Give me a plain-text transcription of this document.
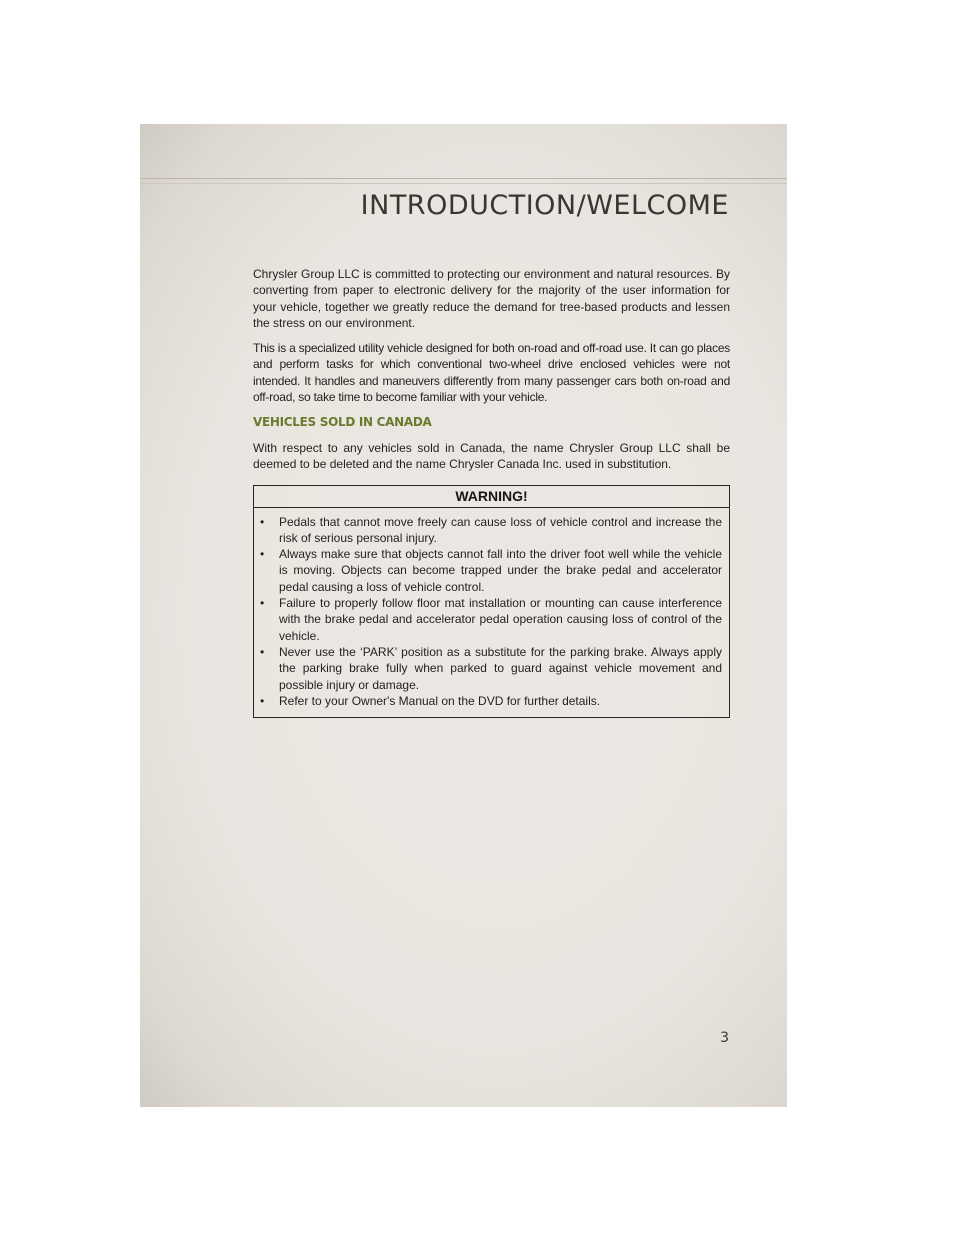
INTRODUCTION/WELCOME

Chrysler Group LLC is committed to protecting our environment and natural resources. By converting from paper to electronic delivery for the majority of the user information for your vehicle, together we greatly reduce the demand for tree-based products and lessen the stress on our environment.

This is a specialized utility vehicle designed for both on-road and off-road use. It can go places and perform tasks for which conventional two-wheel drive enclosed vehicles were not intended. It handles and maneuvers differently from many passenger cars both on-road and off-road, so take time to become familiar with your vehicle.

VEHICLES SOLD IN CANADA

With respect to any vehicles sold in Canada, the name Chrysler Group LLC shall be deemed to be deleted and the name Chrysler Canada Inc. used in substitution.

WARNING!
• Pedals that cannot move freely can cause loss of vehicle control and increase the risk of serious personal injury.
• Always make sure that objects cannot fall into the driver foot well while the vehicle is moving. Objects can become trapped under the brake pedal and accelerator pedal causing a loss of vehicle control.
• Failure to properly follow floor mat installation or mounting can cause interference with the brake pedal and accelerator pedal operation causing loss of control of the vehicle.
• Never use the ‘PARK’ position as a substitute for the parking brake. Always apply the parking brake fully when parked to guard against vehicle movement and possible injury or damage.
• Refer to your Owner's Manual on the DVD for further details.
3
